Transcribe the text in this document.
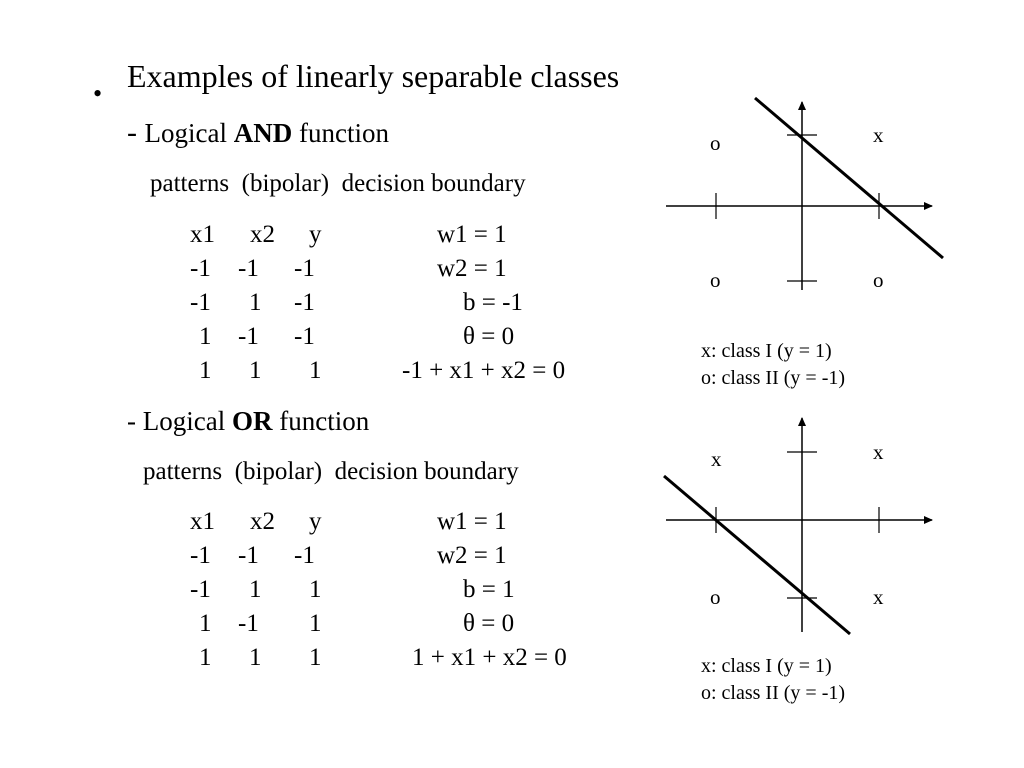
• Examples of linearly separable classes
- Logical AND function
patterns  (bipolar)  decision boundary
x1 x2 y
-1 -1 -1
-1 1 -1
1 -1 -1
1 1 1
w1 = 1
w2 = 1
b = -1
θ = 0
-1 + x1 + x2 = 0
o	x
o	o
x: class I (y = 1)
o: class II (y = -1)
- Logical OR function
patterns  (bipolar)  decision boundary
x1 x2 y
-1 -1 -1
-1 1 1
1 -1 1
1 1 1
w1 = 1
w2 = 1
b = 1
θ = 0
1 + x1 + x2 = 0
x	x
o	x
x: class I (y = 1)
o: class II (y = -1)
